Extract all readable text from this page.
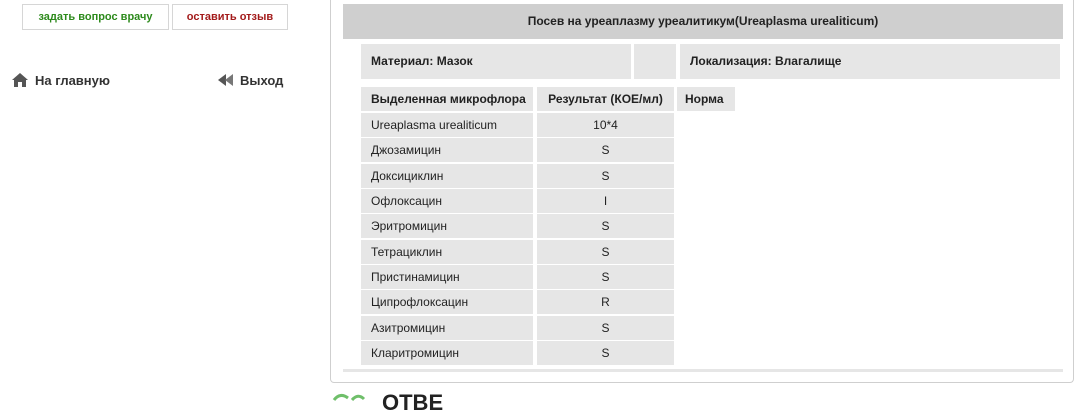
задать вопрос врачу	оставить отзыв
На главную	Выход
Посев на уреаплазму уреалитикум(Ureaplasma urealiticum)
Материал: Мазок	Локализация: Влагалище
Выделенная микрофлора	Результат (КОЕ/мл)	Норма
Ureaplasma urealiticum	10*4
Джозамицин	S
Доксициклин	S
Офлоксацин	I
Эритромицин	S
Тетрациклин	S
Пристинамицин	S
Ципрофлоксацин	R
Азитромицин	S
Кларитромицин	S
ОТВЕ
